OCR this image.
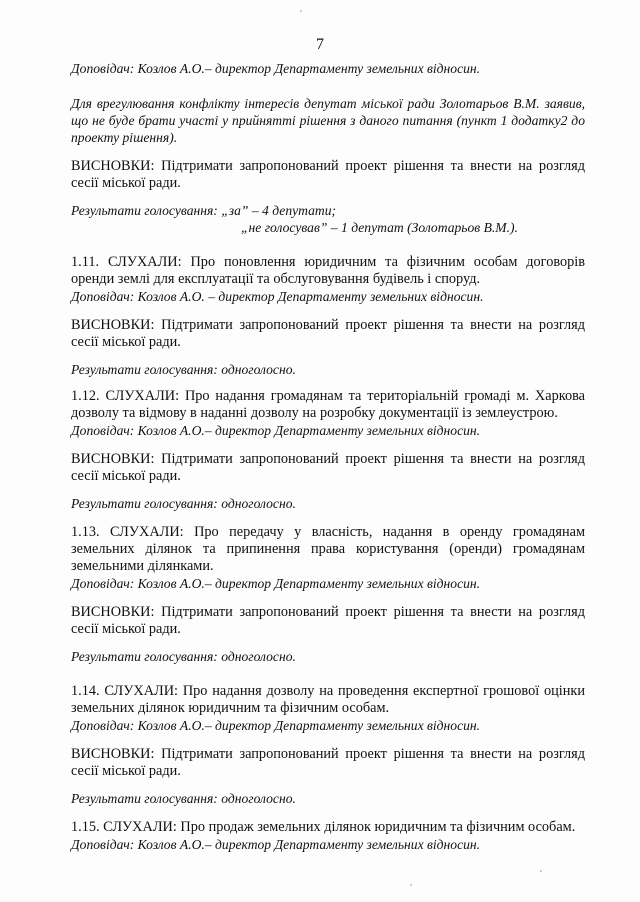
7
Доповідач: Козлов А.О.– директор Департаменту земельних відносин.
Для врегулювання конфлікту інтересів депутат міської ради Золотарьов В.М. заявив, що не буде брати участі у прийнятті рішення з даного питання (пункт 1 додатку2 до проекту рішення).
ВИСНОВКИ: Підтримати запропонований проект рішення та внести на розгляд сесії міської ради.
Результати голосування: „за” – 4 депутати;
„не голосував” – 1 депутат (Золотарьов В.М.).
1.11. СЛУХАЛИ: Про поновлення юридичним та фізичним особам договорів оренди землі для експлуатації та обслуговування будівель і споруд.
Доповідач: Козлов А.О. – директор Департаменту земельних відносин.
ВИСНОВКИ: Підтримати запропонований проект рішення та внести на розгляд сесії міської ради.
Результати голосування: одноголосно.
1.12. СЛУХАЛИ: Про надання громадянам та територіальній громаді м. Харкова дозволу та відмову в наданні дозволу на розробку документації із землеустрою.
Доповідач: Козлов А.О.– директор Департаменту земельних відносин.
ВИСНОВКИ: Підтримати запропонований проект рішення та внести на розгляд сесії міської ради.
Результати голосування: одноголосно.
1.13. СЛУХАЛИ: Про передачу у власність, надання в оренду громадянам земельних ділянок та припинення права користування (оренди) громадянам земельними ділянками.
Доповідач: Козлов А.О.– директор Департаменту земельних відносин.
ВИСНОВКИ: Підтримати запропонований проект рішення та внести на розгляд сесії міської ради.
Результати голосування: одноголосно.
1.14. СЛУХАЛИ: Про надання дозволу на проведення експертної грошової оцінки земельних ділянок юридичним та фізичним особам.
Доповідач: Козлов А.О.– директор Департаменту земельних відносин.
ВИСНОВКИ: Підтримати запропонований проект рішення та внести на розгляд сесії міської ради.
Результати голосування: одноголосно.
1.15. СЛУХАЛИ: Про продаж земельних ділянок юридичним та фізичним особам.
Доповідач: Козлов А.О.– директор Департаменту земельних відносин.
